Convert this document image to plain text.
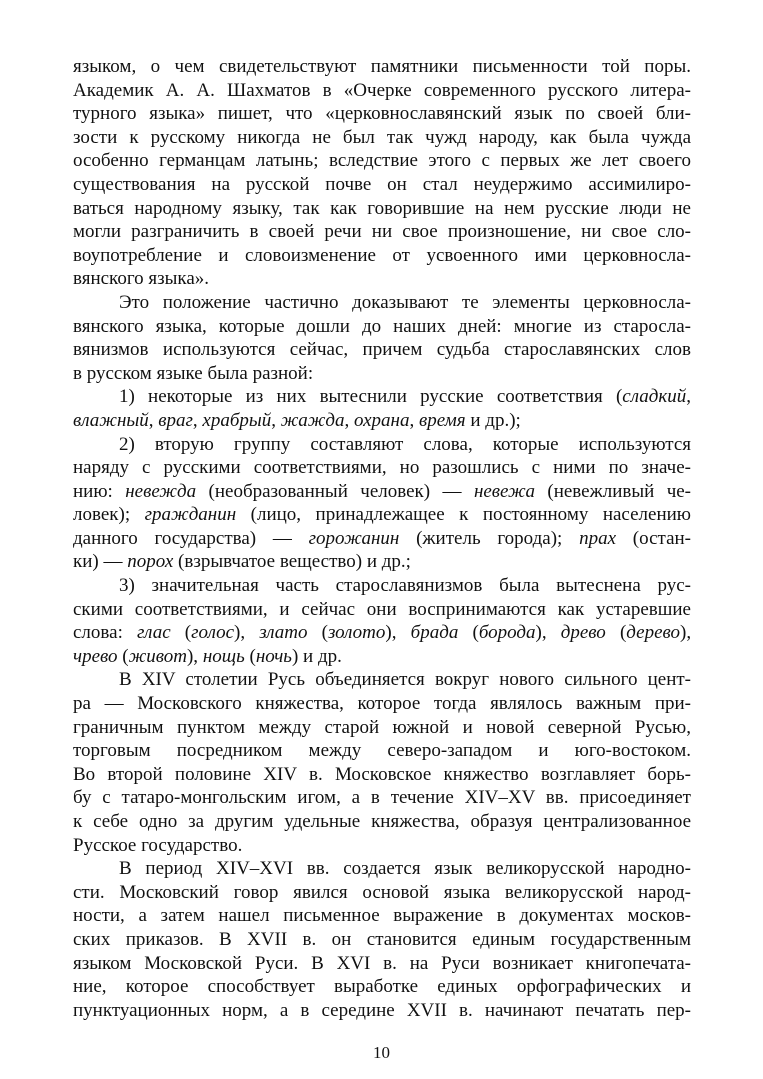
языком, о чем свидетельствуют памятники письменности той поры.
Академик А. А. Шахматов в «Очерке современного русского литера-
турного языка» пишет, что «церковнославянский язык по своей бли-
зости к русскому никогда не был так чужд народу, как была чужда
особенно германцам латынь; вследствие этого с первых же лет своего
существования на русской почве он стал неудержимо ассимилиро-
ваться народному языку, так как говорившие на нем русские люди не
могли разграничить в своей речи ни свое произношение, ни свое сло-
воупотребление и словоизменение от усвоенного ими церковносла-
вянского языка».
Это положение частично доказывают те элементы церковносла-
вянского языка, которые дошли до наших дней: многие из старосла-
вянизмов используются сейчас, причем судьба старославянских слов
в русском языке была разной:
1) некоторые из них вытеснили русские соответствия (сладкий,
влажный, враг, храбрый, жажда, охрана, время и др.);
2) вторую группу составляют слова, которые используются
наряду с русскими соответствиями, но разошлись с ними по значе-
нию: невежда (необразованный человек) — невежа (невежливый че-
ловек); гражданин (лицо, принадлежащее к постоянному населению
данного государства) — горожанин (житель города); прах (остан-
ки) — порох (взрывчатое вещество) и др.;
3) значительная часть старославянизмов была вытеснена рус-
скими соответствиями, и сейчас они воспринимаются как устаревшие
слова: глас (голос), злато (золото), брада (борода), древо (дерево),
чрево (живот), нощь (ночь) и др.
В XIV столетии Русь объединяется вокруг нового сильного цент-
ра — Московского княжества, которое тогда являлось важным при-
граничным пунктом между старой южной и новой северной Русью,
торговым посредником между северо-западом и юго-востоком.
Во второй половине XIV в. Московское княжество возглавляет борь-
бу с татаро-монгольским игом, а в течение XIV–XV вв. присоединяет
к себе одно за другим удельные княжества, образуя централизованное
Русское государство.
В период XIV–XVI вв. создается язык великорусской народно-
сти. Московский говор явился основой языка великорусской народ-
ности, а затем нашел письменное выражение в документах москов-
ских приказов. В XVII в. он становится единым государственным
языком Московской Руси. В XVI в. на Руси возникает книгопечата-
ние, которое способствует выработке единых орфографических и
пунктуационных норм, а в середине XVII в. начинают печатать пер-
10
